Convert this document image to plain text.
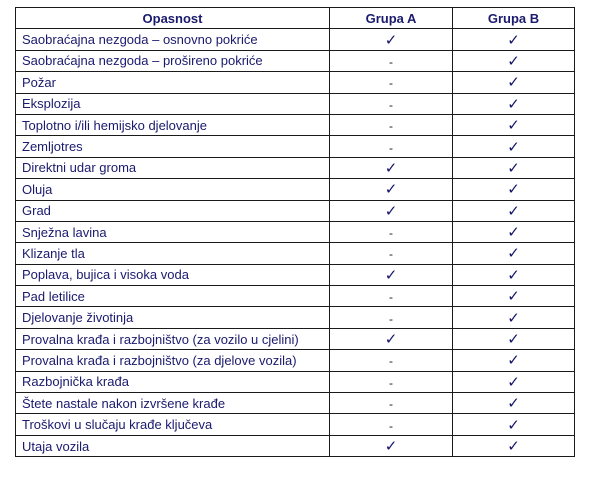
Opasnost	Grupa A	Grupa B
Saobraćajna nezgoda – osnovno pokriće	✓	✓
Saobraćajna nezgoda – prošireno pokriće	-	✓
Požar	-	✓
Eksplozija	-	✓
Toplotno i/ili hemijsko djelovanje	-	✓
Zemljotres	-	✓
Direktni udar groma	✓	✓
Oluja	✓	✓
Grad	✓	✓
Snježna lavina	-	✓
Klizanje tla	-	✓
Poplava, bujica i visoka voda	✓	✓
Pad letilice	-	✓
Djelovanje životinja	-	✓
Provalna krađa i razbojništvo (za vozilo u cjelini)	✓	✓
Provalna krađa i razbojništvo (za djelove vozila)	-	✓
Razbojnička krađa	-	✓
Štete nastale nakon izvršene krađe	-	✓
Troškovi u slučaju krađe ključeva	-	✓
Utaja vozila	✓	✓
